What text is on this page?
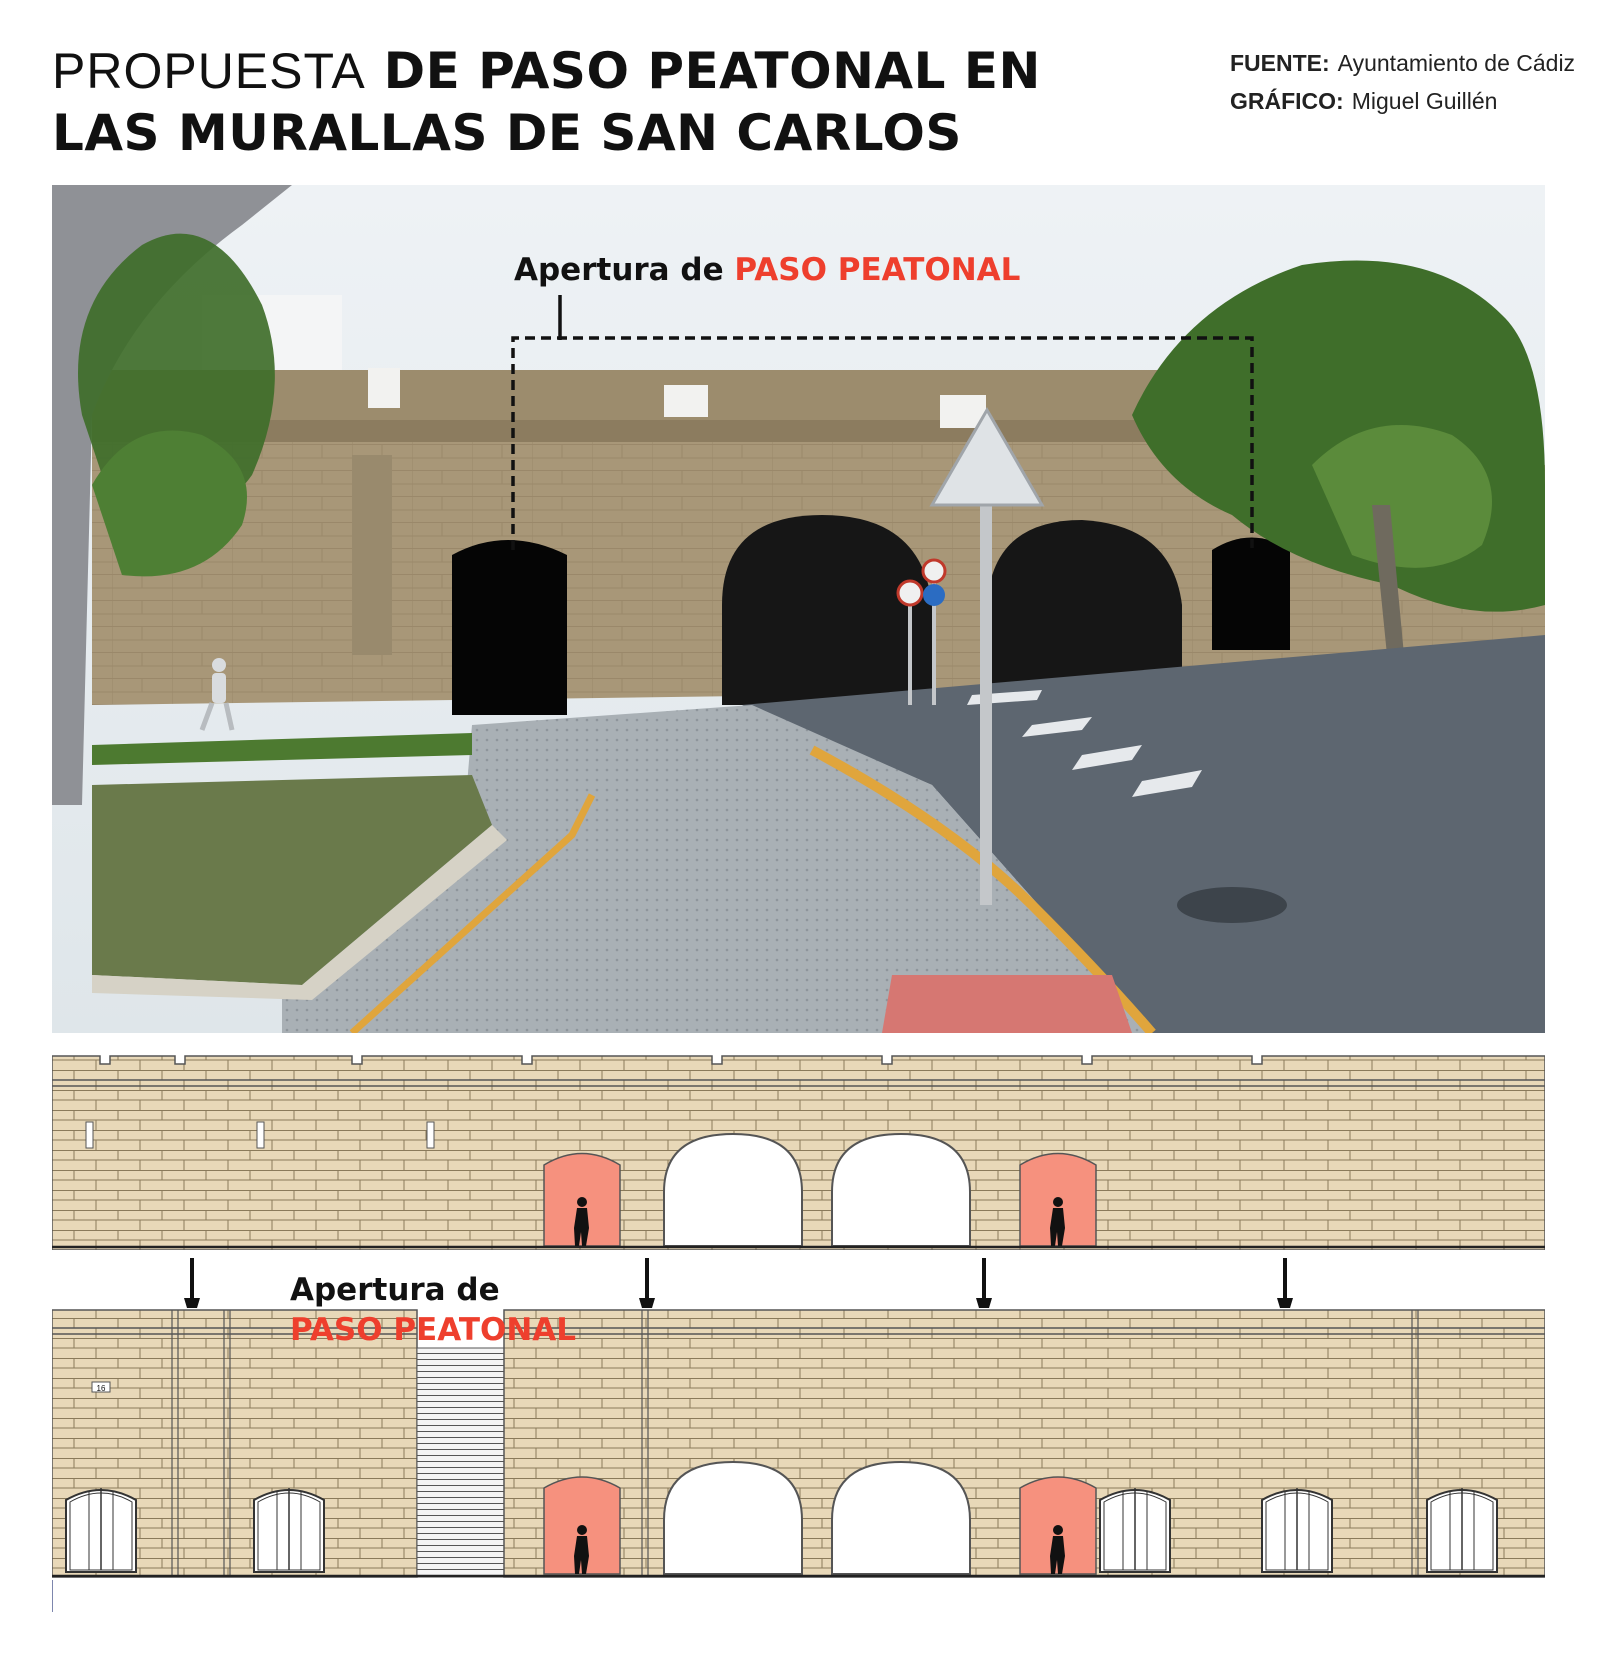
PROPUESTA DE PASO PEATONAL EN
LAS MURALLAS DE SAN CARLOS
FUENTE: Ayuntamiento de Cádiz
GRÁFICO: Miguel Guillén
Apertura de PASO PEATONAL
16
Apertura de
PASO PEATONAL
